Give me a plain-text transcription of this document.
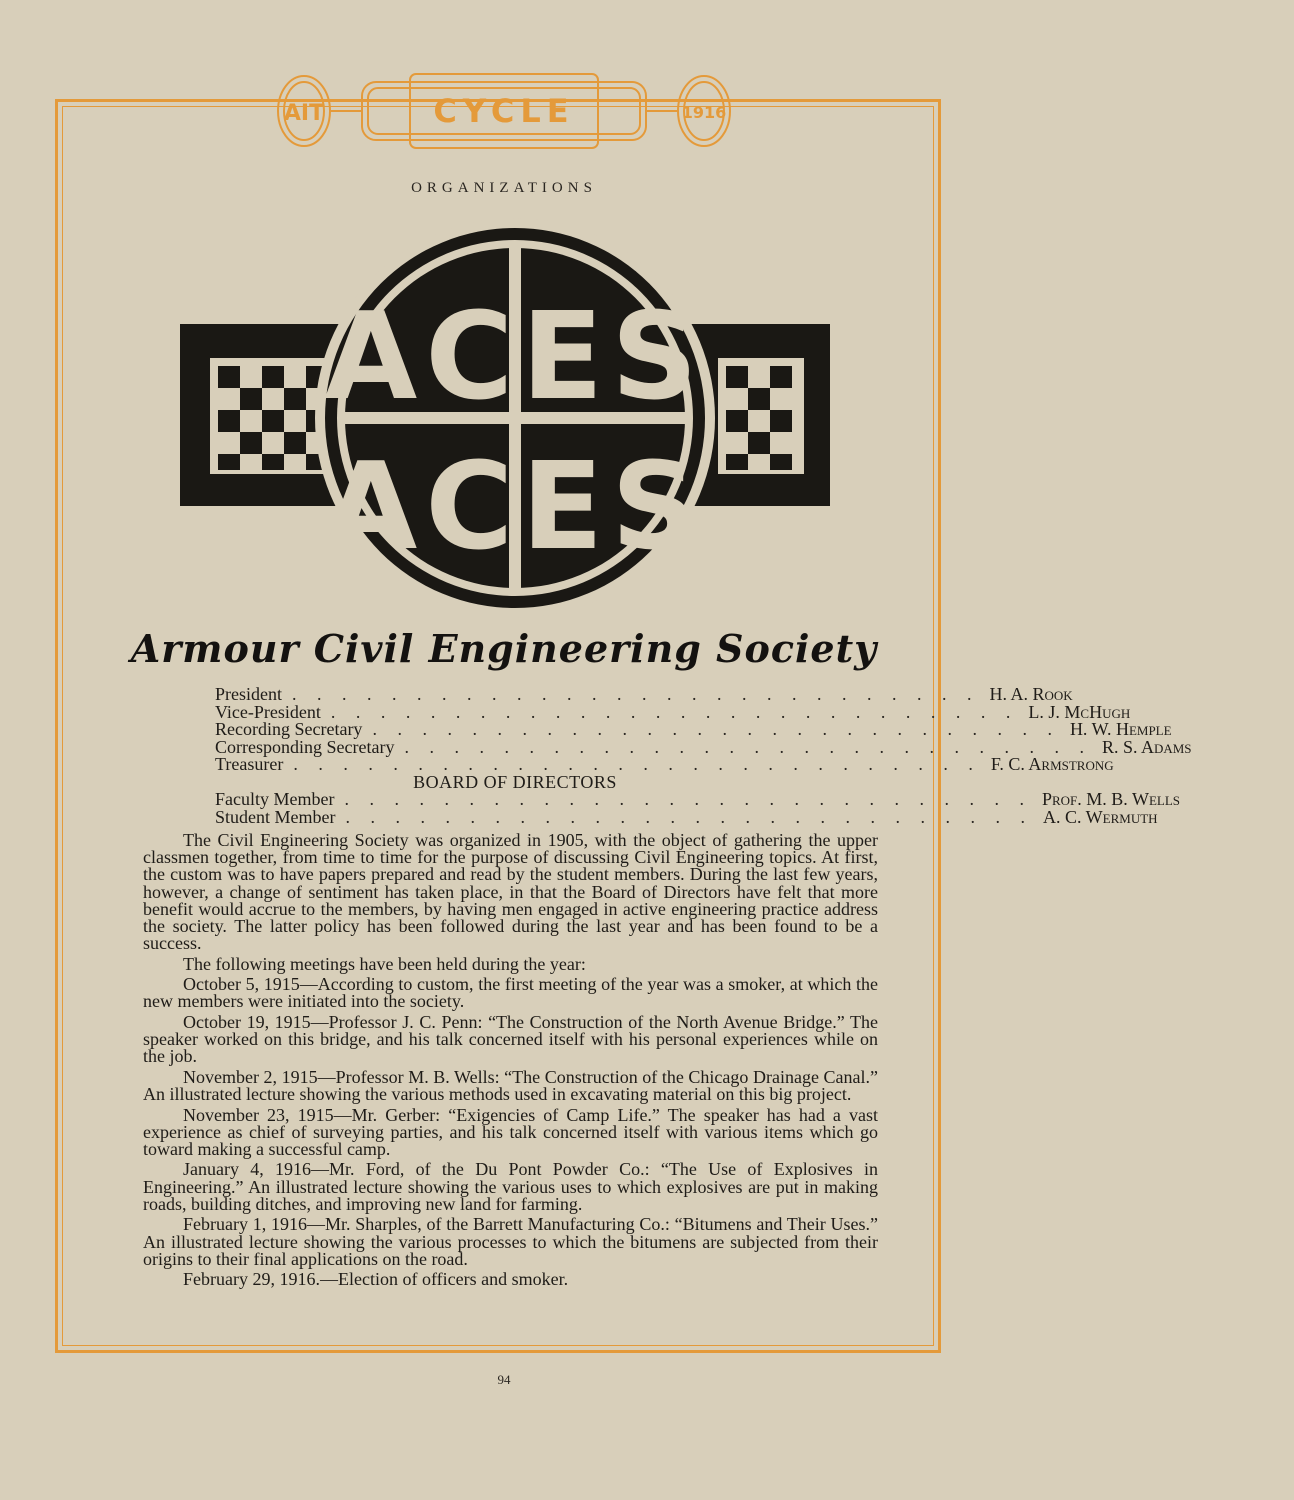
AIT	CYCLE	1916
ORGANIZATIONS
ACES
ACES
Armour Civil Engineering Society
President . . . . . . . . . . . . . . . . . . . . . . . . . . . . H. A. Rook
Vice-President . . . . . . . . . . . . . . . . . . . . . . . . . . . . L. J. McHugh
Recording Secretary . . . . . . . . . . . . . . . . . . . . . . . . . . . . H. W. Hemple
Corresponding Secretary . . . . . . . . . . . . . . . . . . . . . . . . . . . . R. S. Adams
Treasurer . . . . . . . . . . . . . . . . . . . . . . . . . . . . F. C. Armstrong
BOARD OF DIRECTORS
Faculty Member . . . . . . . . . . . . . . . . . . . . . . . . . . . . Prof. M. B. Wells
Student Member . . . . . . . . . . . . . . . . . . . . . . . . . . . . A. C. Wermuth

The Civil Engineering Society was organized in 1905, with the object of gathering the upper classmen together, from time to time for the purpose of discussing Civil Engineering topics. At first, the custom was to have papers prepared and read by the student members. During the last few years, however, a change of sentiment has taken place, in that the Board of Directors have felt that more benefit would accrue to the members, by having men engaged in active engineering practice address the society. The latter policy has been followed during the last year and has been found to be a success.

The following meetings have been held during the year:

October 5, 1915—According to custom, the first meeting of the year was a smoker, at which the new members were initiated into the society.

October 19, 1915—Professor J. C. Penn: “The Construction of the North Avenue Bridge.” The speaker worked on this bridge, and his talk concerned itself with his personal experiences while on the job.

November 2, 1915—Professor M. B. Wells: “The Construction of the Chicago Drainage Canal.” An illustrated lecture showing the various methods used in excavating material on this big project.

November 23, 1915—Mr. Gerber: “Exigencies of Camp Life.” The speaker has had a vast experience as chief of surveying parties, and his talk concerned itself with various items which go toward making a successful camp.

January 4, 1916—Mr. Ford, of the Du Pont Powder Co.: “The Use of Explosives in Engineering.” An illustrated lecture showing the various uses to which explosives are put in making roads, building ditches, and improving new land for farming.

February 1, 1916—Mr. Sharples, of the Barrett Manufacturing Co.: “Bitumens and Their Uses.” An illustrated lecture showing the various processes to which the bitumens are subjected from their origins to their final applications on the road.

February 29, 1916.—Election of officers and smoker.

94
